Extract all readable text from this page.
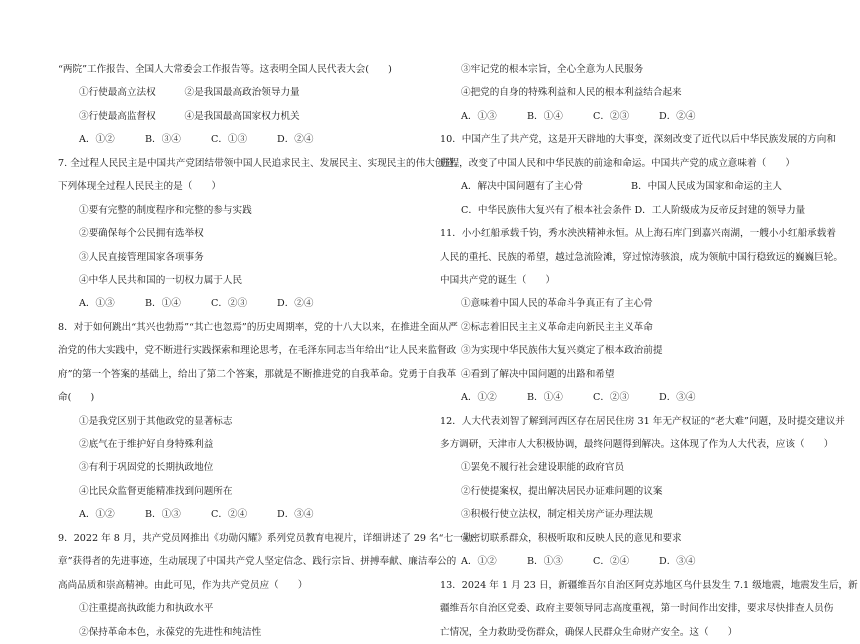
“两院”工作报告、全国人大常委会工作报告等。这表明全国人民代表大会(　　)
①行使最高立法权　　　②是我国最高政治领导力量
③行使最高监督权　　　④是我国最高国家权力机关
A．①②	B．③④	C．①③	D．②④
7. 全过程人民民主是中国共产党团结带领中国人民追求民主、发展民主、实现民主的伟大创造。
下列体现全过程人民民主的是（　　）
①要有完整的制度程序和完整的参与实践
②要确保每个公民拥有选举权
③人民直接管理国家各项事务
④中华人民共和国的一切权力属于人民
A．①③	B．①④	C．②③	D．②④
8．对于如何跳出“其兴也勃焉”“其亡也忽焉”的历史周期率，党的十八大以来，在推进全面从严
治党的伟大实践中，党不断进行实践探索和理论思考，在毛泽东同志当年给出“让人民来监督政
府”的第一个答案的基础上，给出了第二个答案，那就是不断推进党的自我革命。党勇于自我革
命(　　)
①是我党区别于其他政党的显著标志
②底气在于维护好自身特殊利益
③有利于巩固党的长期执政地位
④比民众监督更能精准找到问题所在
A．①②	B．①③	C．②④	D．③④
9．2022 年 8 月，共产党员网推出《功勋闪耀》系列党员教育电视片，详细讲述了 29 名“七一勋
章”获得者的先进事迹，生动展现了中国共产党人坚定信念、践行宗旨、拼搏奉献、廉洁奉公的
高尚品质和崇高精神。由此可见，作为共产党员应（　　）
①注重提高执政能力和执政水平
②保持革命本色，永葆党的先进性和纯洁性
③牢记党的根本宗旨，全心全意为人民服务
④把党的自身的特殊利益和人民的根本利益结合起来
A．①③	B．①④	C．②③	D．②④
10．中国产生了共产党，这是开天辟地的大事变，深刻改变了近代以后中华民族发展的方向和
进程，改变了中国人民和中华民族的前途和命运。中国共产党的成立意味着（　　）
A．解决中国问题有了主心骨　　　　　B．中国人民成为国家和命运的主人
C．中华民族伟大复兴有了根本社会条件 D．工人阶级成为反帝反封建的领导力量
11．小小红船承载千钧，秀水泱泱精神永恒。从上海石库门到嘉兴南湖，一艘小小红船承载着
人民的重托、民族的希望，越过急流险滩，穿过惊涛骇浪，成为领航中国行稳致远的巍巍巨轮。
中国共产党的诞生（　　）
①意味着中国人民的革命斗争真正有了主心骨
②标志着旧民主主义革命走向新民主主义革命
③为实现中华民族伟大复兴奠定了根本政治前提
④看到了解决中国问题的出路和希望
A．①②	B．①④	C．②③	D．③④
12．人大代表刘智了解到河西区存在居民住房 31 年无产权证的“老大难”问题，及时提交建议并
多方调研，天津市人大积极协调，最终问题得到解决。这体现了作为人大代表，应该（　　）
①罢免不履行社会建设职能的政府官员
②行使提案权，提出解决居民办证难问题的议案
③积极行使立法权，制定相关房产证办理法规
④密切联系群众，积极听取和反映人民的意见和要求
A．①②	B．①③	C．②④	D．③④
13．2024 年 1 月 23 日，新疆维吾尔自治区阿克苏地区乌什县发生 7.1 级地震，地震发生后，新
疆维吾尔自治区党委、政府主要领导同志高度重视，第一时间作出安排，要求尽快排查人员伤
亡情况，全力救助受伤群众，确保人民群众生命财产安全。这（　　）
